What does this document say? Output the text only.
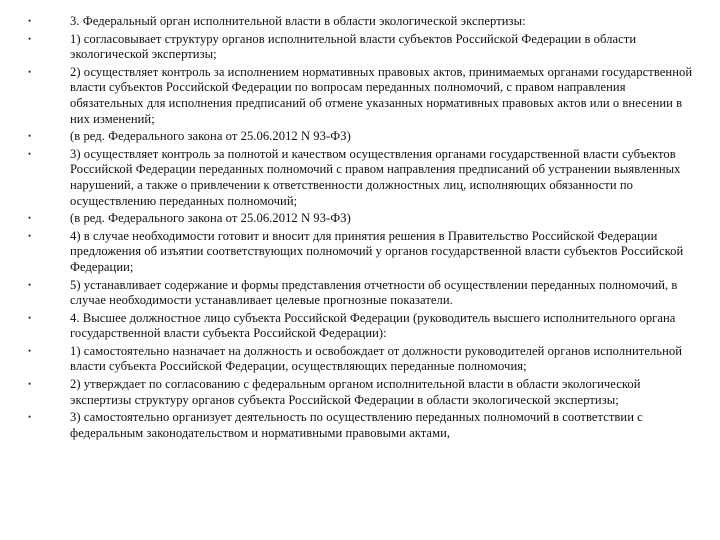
•	3. Федеральный орган исполнительной власти в области экологической экспертизы:
•	1) согласовывает структуру органов исполнительной власти субъектов Российской Федерации в области экологической экспертизы;
•	2) осуществляет контроль за исполнением нормативных правовых актов, принимаемых органами государственной власти субъектов Российской Федерации по вопросам переданных полномочий, с правом направления обязательных для исполнения предписаний об отмене указанных нормативных правовых актов или о внесении в них изменений;
•	(в ред. Федерального закона от 25.06.2012 N 93-ФЗ)
•	3) осуществляет контроль за полнотой и качеством осуществления органами государственной власти субъектов Российской Федерации переданных полномочий с правом направления предписаний об устранении выявленных нарушений, а также о привлечении к ответственности должностных лиц, исполняющих обязанности по осуществлению переданных полномочий;
•	(в ред. Федерального закона от 25.06.2012 N 93-ФЗ)
•	4) в случае необходимости готовит и вносит для принятия решения в Правительство Российской Федерации предложения об изъятии соответствующих полномочий у органов государственной власти субъектов Российской Федерации;
•	5) устанавливает содержание и формы представления отчетности об осуществлении переданных полномочий, в случае необходимости устанавливает целевые прогнозные показатели.
•	4. Высшее должностное лицо субъекта Российской Федерации (руководитель высшего исполнительного органа государственной власти субъекта Российской Федерации):
•	1) самостоятельно назначает на должность и освобождает от должности руководителей органов исполнительной власти субъекта Российской Федерации, осуществляющих переданные полномочия;
•	2) утверждает по согласованию с федеральным органом исполнительной власти в области экологической экспертизы структуру органов субъекта Российской Федерации в области экологической экспертизы;
•	3) самостоятельно организует деятельность по осуществлению переданных полномочий в соответствии с федеральным законодательством и нормативными правовыми актами,
